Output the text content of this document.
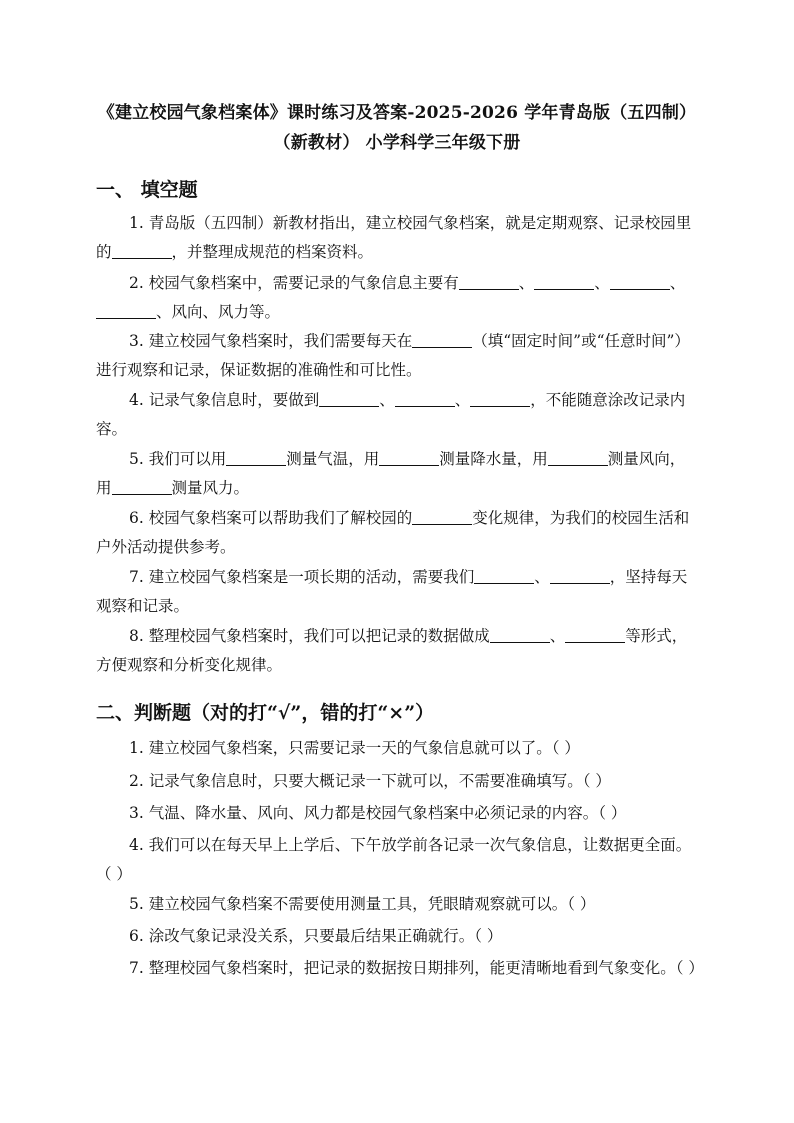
《建立校园气象档案体》课时练习及答案-2025-2026 学年青岛版（五四制）
（新教材） 小学科学三年级下册
一、 填空题
1. 青岛版（五四制）新教材指出，建立校园气象档案，就是定期观察、记录校园里的	，并整理成规范的档案资料。
2. 校园气象档案中，需要记录的气象信息主要有	、	、	、、风向、风力等。
3. 建立校园气象档案时，我们需要每天在	（填“固定时间”或“任意时间”）进行观察和记录，保证数据的准确性和可比性。
4. 记录气象信息时，要做到	、	、	，不能随意涂改记录内容。
5. 我们可以用	测量气温，用	测量降水量，用	测量风向，用	测量风力。
6. 校园气象档案可以帮助我们了解校园的	变化规律，为我们的校园生活和户外活动提供参考。
7. 建立校园气象档案是一项长期的活动，需要我们	、	，坚持每天观察和记录。
8. 整理校园气象档案时，我们可以把记录的数据做成	、	等形式，方便观察和分析变化规律。
二、判断题（对的打“√”，错的打“×”）
1. 建立校园气象档案，只需要记录一天的气象信息就可以了。（ ）
2. 记录气象信息时，只要大概记录一下就可以，不需要准确填写。（ ）
3. 气温、降水量、风向、风力都是校园气象档案中必须记录的内容。（ ）
4. 我们可以在每天早上上学后、下午放学前各记录一次气象信息，让数据更全面。（ ）
5. 建立校园气象档案不需要使用测量工具，凭眼睛观察就可以。（ ）
6. 涂改气象记录没关系，只要最后结果正确就行。（ ）
7. 整理校园气象档案时，把记录的数据按日期排列，能更清晰地看到气象变化。（ ）
